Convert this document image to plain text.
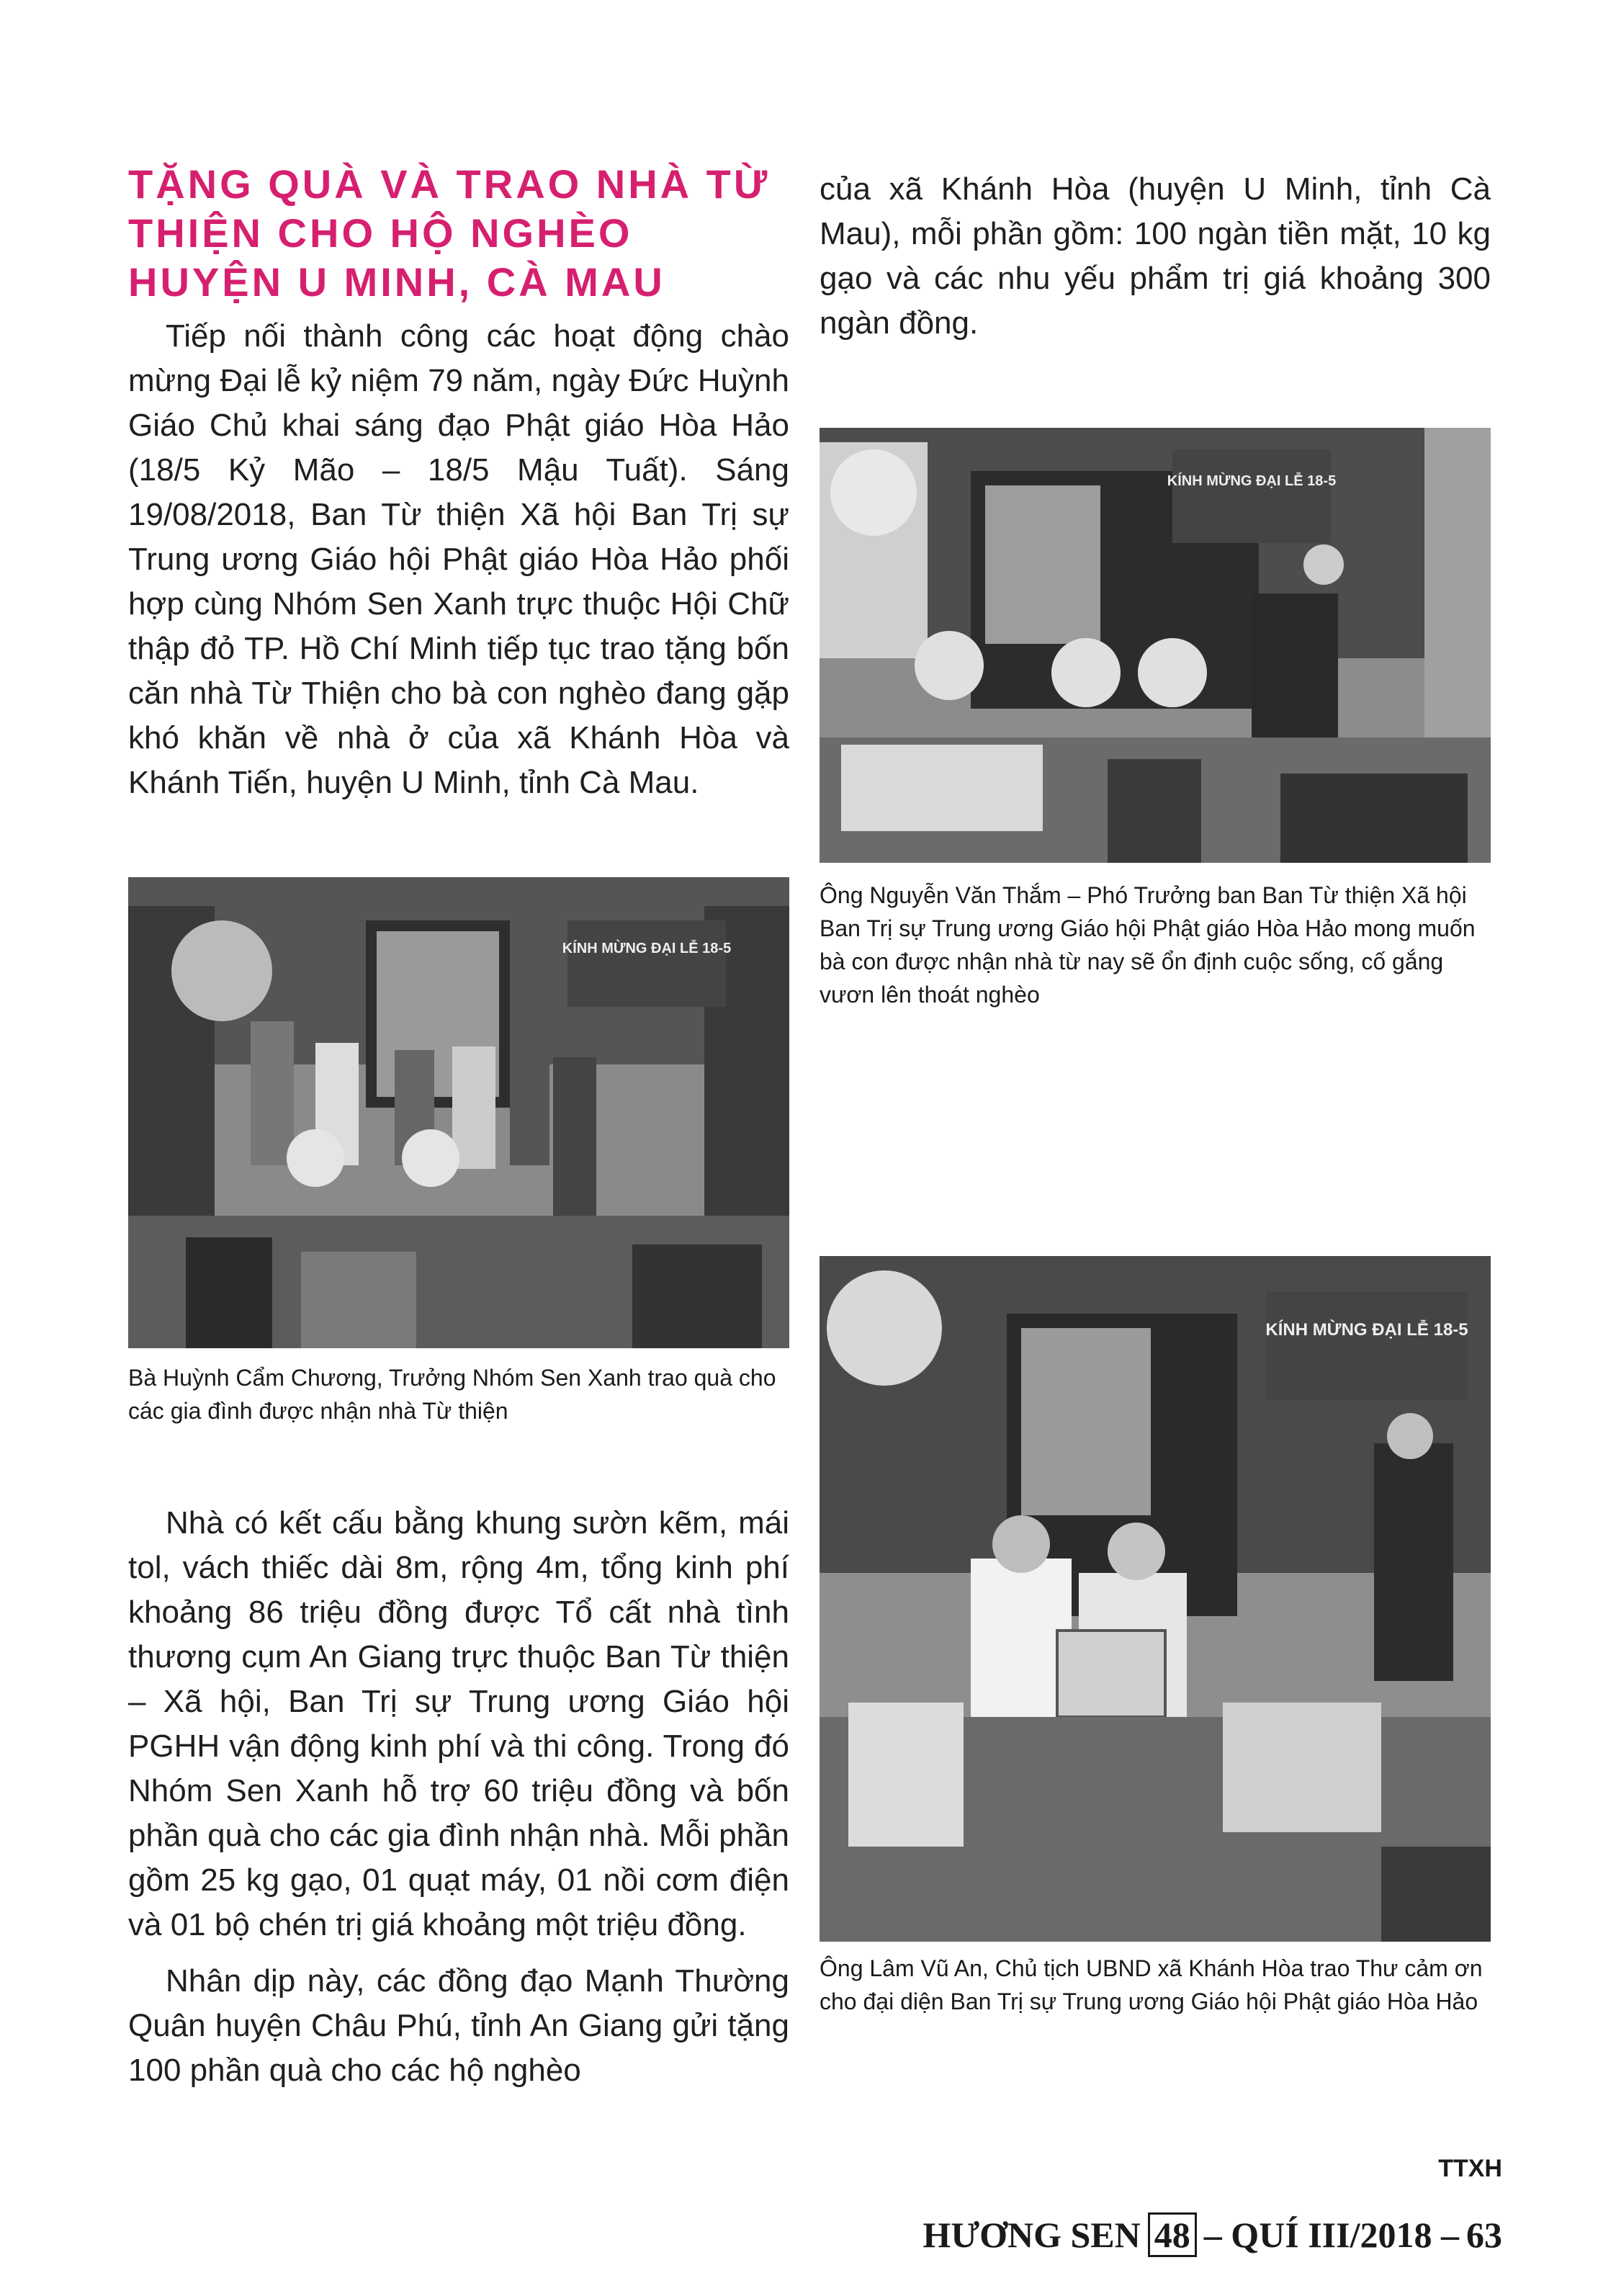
TẶNG QUÀ VÀ TRAO NHÀ TỪ THIỆN CHO HỘ NGHÈO HUYỆN U MINH, CÀ MAU

Tiếp nối thành công các hoạt động chào mừng Đại lễ kỷ niệm 79 năm, ngày Đức Huỳnh Giáo Chủ khai sáng đạo Phật giáo Hòa Hảo (18/5 Kỷ Mão – 18/5 Mậu Tuất). Sáng 19/08/2018, Ban Từ thiện Xã hội Ban Trị sự Trung ương Giáo hội Phật giáo Hòa Hảo phối hợp cùng Nhóm Sen Xanh trực thuộc Hội Chữ thập đỏ TP. Hồ Chí Minh tiếp tục trao tặng bốn căn nhà Từ Thiện cho bà con nghèo đang gặp khó khăn về nhà ở của xã Khánh Hòa và Khánh Tiến, huyện U Minh, tỉnh Cà Mau.

của xã Khánh Hòa (huyện U Minh, tỉnh Cà Mau), mỗi phần gồm: 100 ngàn tiền mặt, 10 kg gạo và các nhu yếu phẩm trị giá khoảng 300 ngàn đồng.

KÍNH MỪNG ĐẠI LỄ 18-5

Bà Huỳnh Cẩm Chương, Trưởng Nhóm Sen Xanh trao quà cho các gia đình được nhận nhà Từ thiện

KÍNH MỪNG ĐẠI LỄ 18-5

Ông Nguyễn Văn Thắm – Phó Trưởng ban Ban Từ thiện Xã hội Ban Trị sự Trung ương Giáo hội Phật giáo Hòa Hảo mong muốn bà con được nhận nhà từ nay sẽ ổn định cuộc sống, cố gắng vươn lên thoát nghèo

KÍNH MỪNG ĐẠI LỄ 18-5

Ông Lâm Vũ An, Chủ tịch UBND xã Khánh Hòa trao Thư cảm ơn cho đại diện Ban Trị sự Trung ương Giáo hội Phật giáo Hòa Hảo

Nhà có kết cấu bằng khung sườn kẽm, mái tol, vách thiếc dài 8m, rộng 4m, tổng kinh phí khoảng 86 triệu đồng được Tổ cất nhà tình thương cụm An Giang trực thuộc Ban Từ thiện – Xã hội, Ban Trị sự Trung ương Giáo hội PGHH vận động kinh phí và thi công. Trong đó Nhóm Sen Xanh hỗ trợ 60 triệu đồng và bốn phần quà cho các gia đình nhận nhà. Mỗi phần gồm 25 kg gạo, 01 quạt máy, 01 nồi cơm điện và 01 bộ chén trị giá khoảng một triệu đồng.

Nhân dịp này, các đồng đạo Mạnh Thường Quân huyện Châu Phú, tỉnh An Giang gửi tặng 100 phần quà cho các hộ nghèo

TTXH
HƯƠNG SEN 48 – QUÍ III/2018 – 63
